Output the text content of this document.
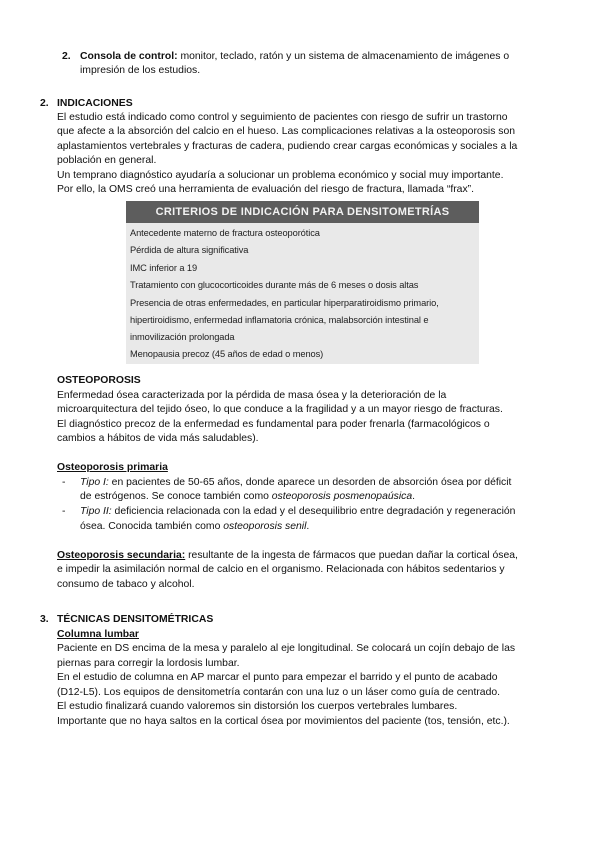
2. Consola de control: monitor, teclado, ratón y un sistema de almacenamiento de imágenes o
impresión de los estudios.
2. INDICACIONES
El estudio está indicado como control y seguimiento de pacientes con riesgo de sufrir un trastorno
que afecte a la absorción del calcio en el hueso. Las complicaciones relativas a la osteoporosis son
aplastamientos vertebrales y fracturas de cadera, pudiendo crear cargas económicas y sociales a la
población en general.
Un temprano diagnóstico ayudaría a solucionar un problema económico y social muy importante.
Por ello, la OMS creó una herramienta de evaluación del riesgo de fractura, llamada “frax”.
CRITERIOS DE INDICACIÓN PARA DENSITOMETRÍAS
Antecedente materno de fractura osteoporótica
Pérdida de altura significativa
IMC inferior a 19
Tratamiento con glucocorticoides durante más de 6 meses o dosis altas
Presencia de otras enfermedades, en particular hiperparatiroidismo primario,
hipertiroidismo, enfermedad inflamatoria crónica, malabsorción intestinal e
inmovilización prolongada
Menopausia precoz (45 años de edad o menos)
OSTEOPOROSIS
Enfermedad ósea caracterizada por la pérdida de masa ósea y la deterioración de la
microarquitectura del tejido óseo, lo que conduce a la fragilidad y a un mayor riesgo de fracturas.
El diagnóstico precoz de la enfermedad es fundamental para poder frenarla (farmacológicos o
cambios a hábitos de vida más saludables).
Osteoporosis primaria
- Tipo I: en pacientes de 50-65 años, donde aparece un desorden de absorción ósea por déficit
de estrógenos. Se conoce también como osteoporosis posmenopaúsica.
- Tipo II: deficiencia relacionada con la edad y el desequilibrio entre degradación y regeneración
ósea. Conocida también como osteoporosis senil.
Osteoporosis secundaria: resultante de la ingesta de fármacos que puedan dañar la cortical ósea,
e impedir la asimilación normal de calcio en el organismo. Relacionada con hábitos sedentarios y
consumo de tabaco y alcohol.
3. TÉCNICAS DENSITOMÉTRICAS
Columna lumbar
Paciente en DS encima de la mesa y paralelo al eje longitudinal. Se colocará un cojín debajo de las
piernas para corregir la lordosis lumbar.
En el estudio de columna en AP marcar el punto para empezar el barrido y el punto de acabado
(D12-L5). Los equipos de densitometría contarán con una luz o un láser como guía de centrado.
El estudio finalizará cuando valoremos sin distorsión los cuerpos vertebrales lumbares.
Importante que no haya saltos en la cortical ósea por movimientos del paciente (tos, tensión, etc.).
